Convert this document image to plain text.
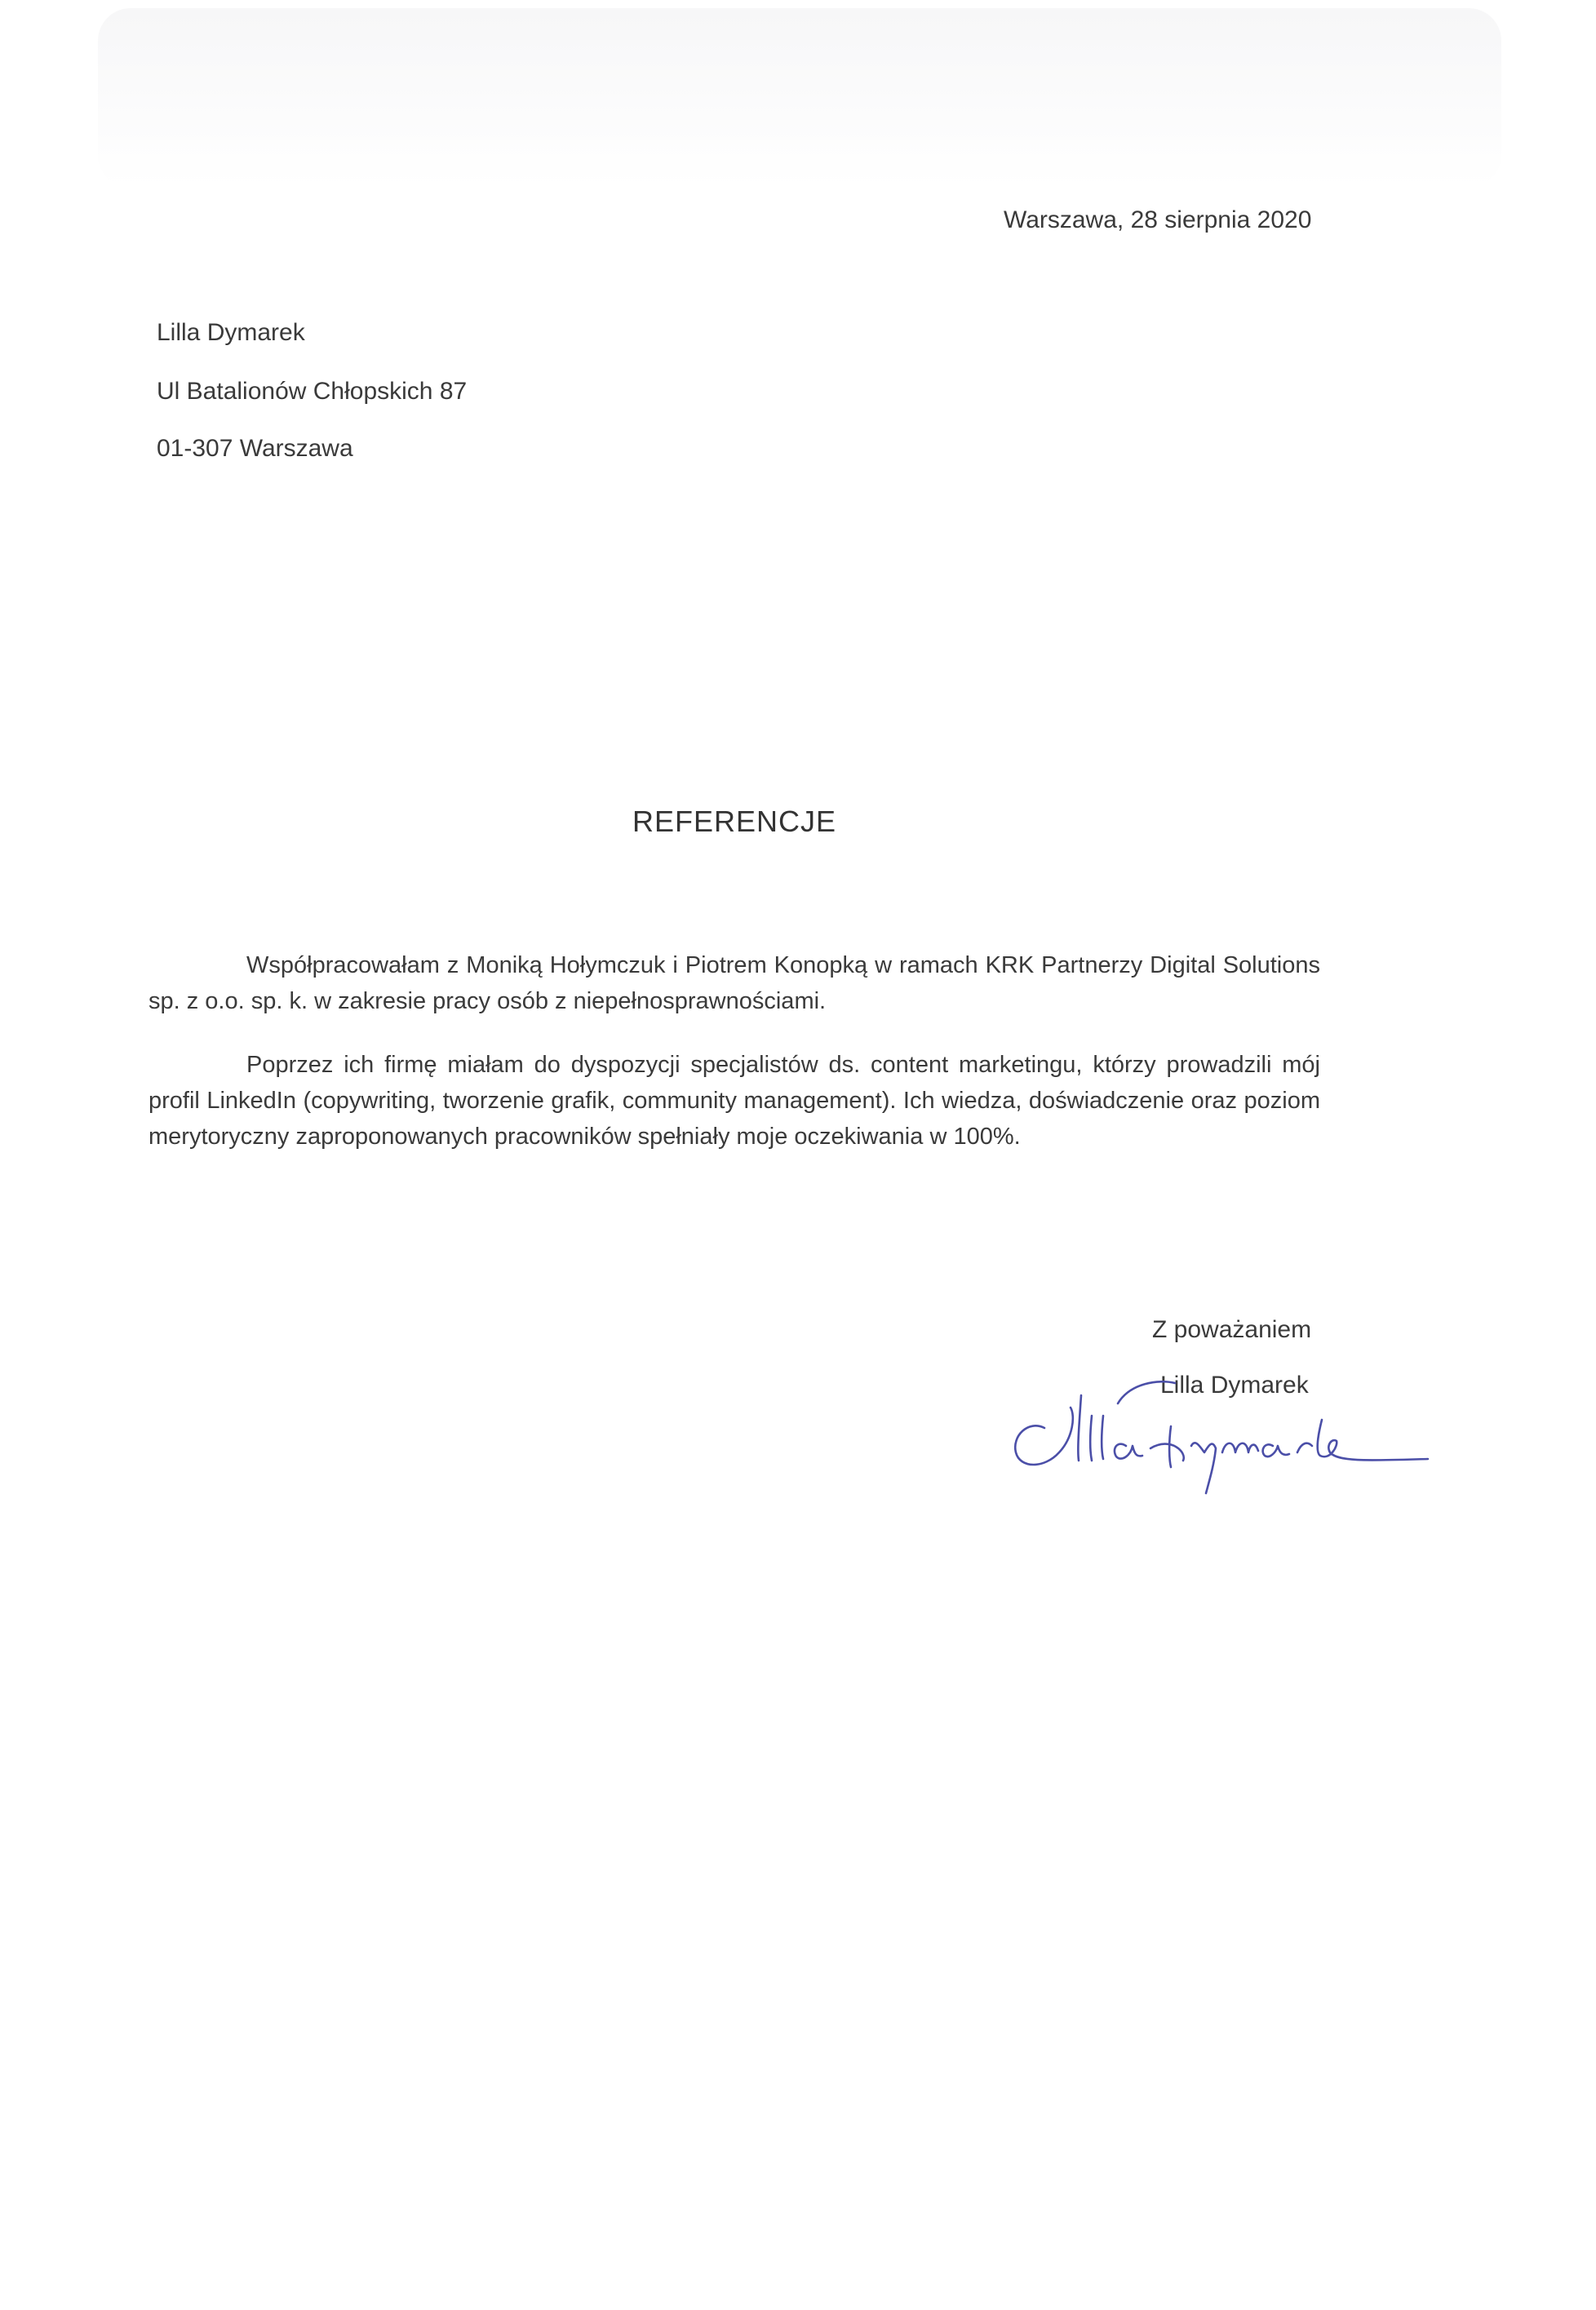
Warszawa, 28 sierpnia 2020
Lilla Dymarek
Ul Batalionów Chłopskich 87
01-307 Warszawa
REFERENCJE

Współpracowałam z Moniką Hołymczuk i Piotrem Konopką w ramach KRK Partnerzy Digital Solutions sp. z o.o. sp. k. w zakresie pracy osób z niepełnosprawnościami.

Poprzez ich firmę miałam do dyspozycji specjalistów ds. content marketingu, którzy prowadzili mój profil LinkedIn (copywriting, tworzenie grafik, community management). Ich wiedza, doświadczenie oraz poziom merytoryczny zaproponowanych pracowników spełniały moje oczekiwania w 100%.

Z poważaniem
Lilla Dymarek
